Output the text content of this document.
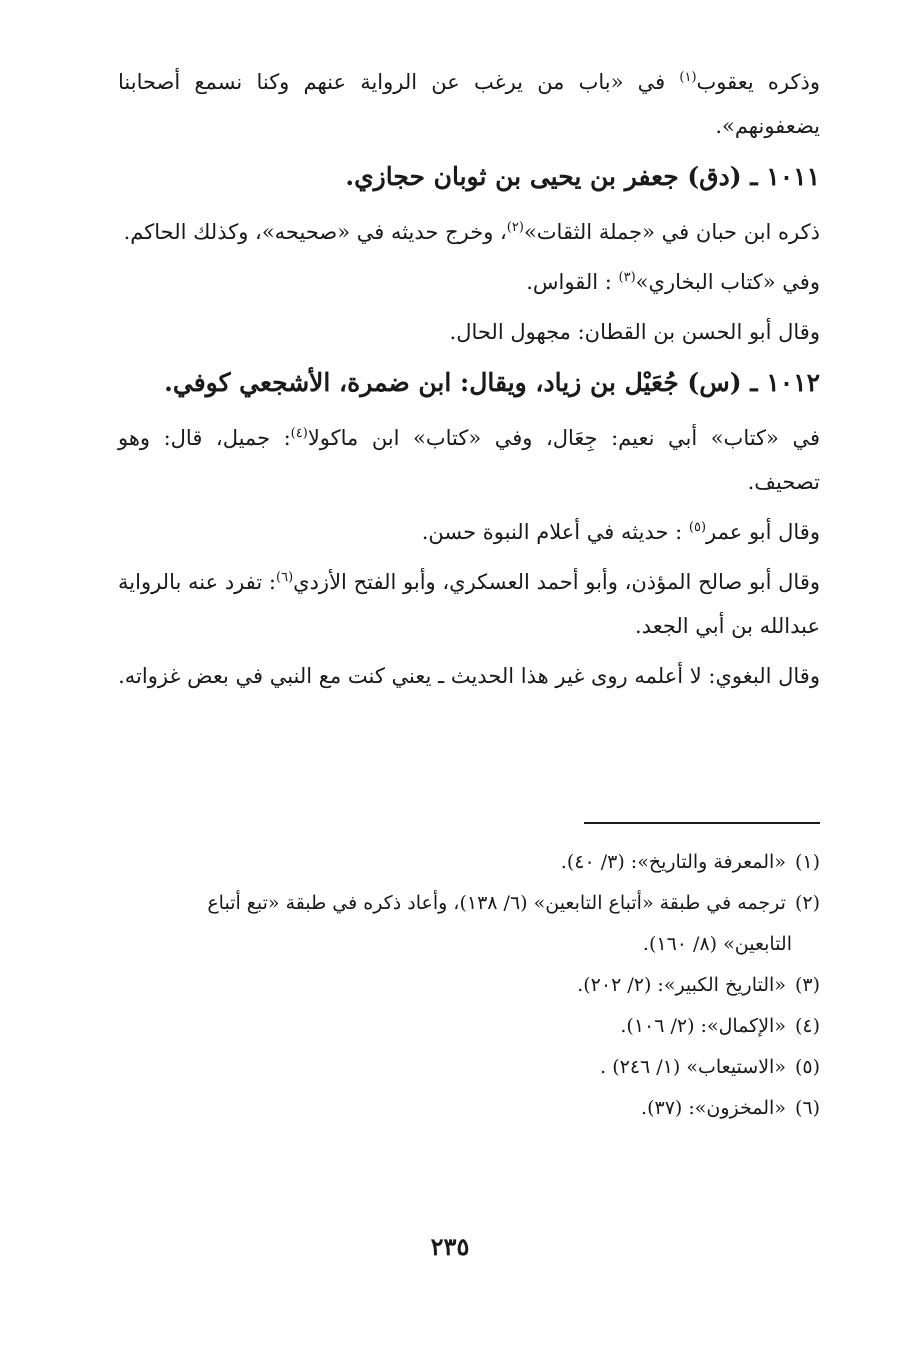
وذكره يعقوب$^{(١)}$ في «باب من يرغب عن الرواية عنهم وكنا نسمع أصحابنا يضعفونهم».

١٠١١ ـ (دق) جعفر بن يحيى بن ثوبان حجازي.

ذكره ابن حبان في «جملة الثقات»$^{(٢)}$، وخرج حديثه في «صحيحه»، وكذلك الحاكم.

وفي «كتاب البخاري»$^{(٣)}$ : القواس.

وقال أبو الحسن بن القطان: مجهول الحال.

١٠١٢ ـ (س) جُعَيْل بن زياد، ويقال: ابن ضمرة، الأشجعي كوفي.

في «كتاب» أبي نعيم: جِعَال، وفي «كتاب» ابن ماكولا$^{(٤)}$: جميل، قال: وهو تصحيف.

وقال أبو عمر$^{(٥)}$ : حديثه في أعلام النبوة حسن.

وقال أبو صالح المؤذن، وأبو أحمد العسكري، وأبو الفتح الأزدي$^{(٦)}$: تفرد عنه بالرواية عبدالله بن أبي الجعد.

وقال البغوي: لا أعلمه روى غير هذا الحديث ـ يعني كنت مع النبي في بعض غزواته.

(١) «المعرفة والتاريخ»: (٣/ ٤٠).

(٢) ترجمه في طبقة «أتباع التابعين» (٦/ ١٣٨)، وأعاد ذكره في طبقة «تبع أتباع

التابعين» (٨/ ١٦٠).

(٣) «التاريخ الكبير»: (٢/ ٢٠٢).

(٤) «الإكمال»: (٢/ ١٠٦).

(٥) «الاستيعاب» (١/ ٢٤٦) .

(٦) «المخزون»: (٣٧).

٢٣٥
